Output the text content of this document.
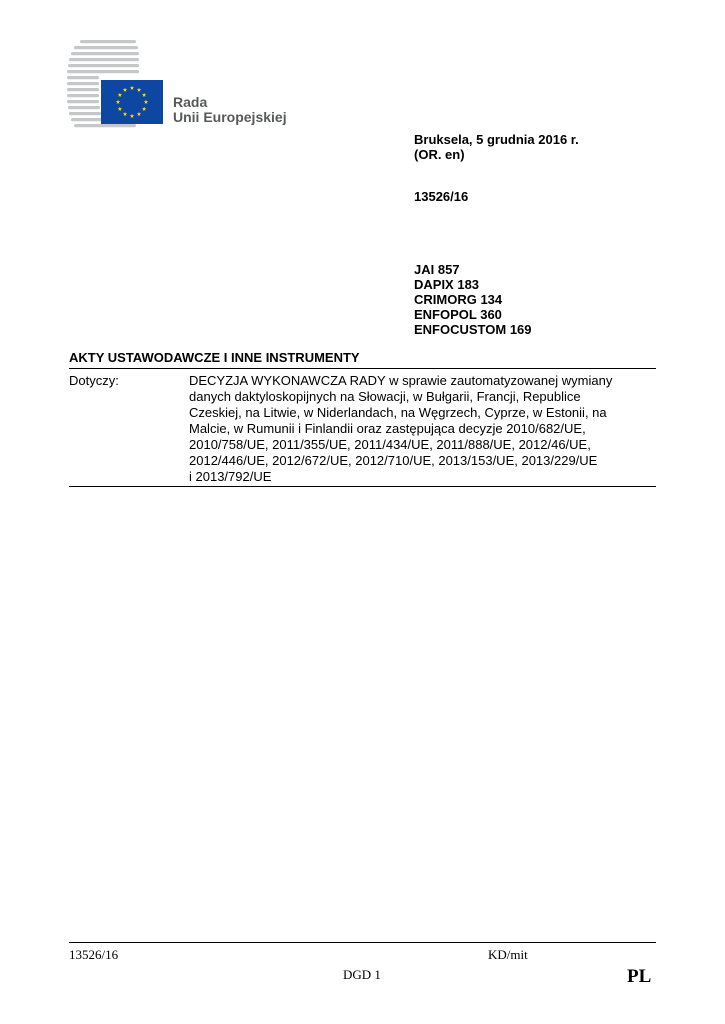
Rada
Unii Europejskiej
Bruksela, 5 grudnia 2016 r.
(OR. en)
13526/16
JAI 857
DAPIX 183
CRIMORG 134
ENFOPOL 360
ENFOCUSTOM 169
AKTY USTAWODAWCZE I INNE INSTRUMENTY
Dotyczy:	DECYZJA WYKONAWCZA RADY w sprawie zautomatyzowanej wymiany
danych daktyloskopijnych na Słowacji, w Bułgarii, Francji, Republice
Czeskiej, na Litwie, w Niderlandach, na Węgrzech, Cyprze, w Estonii, na
Malcie, w Rumunii i Finlandii oraz zastępująca decyzje 2010/682/UE,
2010/758/UE, 2011/355/UE, 2011/434/UE, 2011/888/UE, 2012/46/UE,
2012/446/UE, 2012/672/UE, 2012/710/UE, 2013/153/UE, 2013/229/UE
i 2013/792/UE
13526/16	KD/mit
DGD 1	PL
